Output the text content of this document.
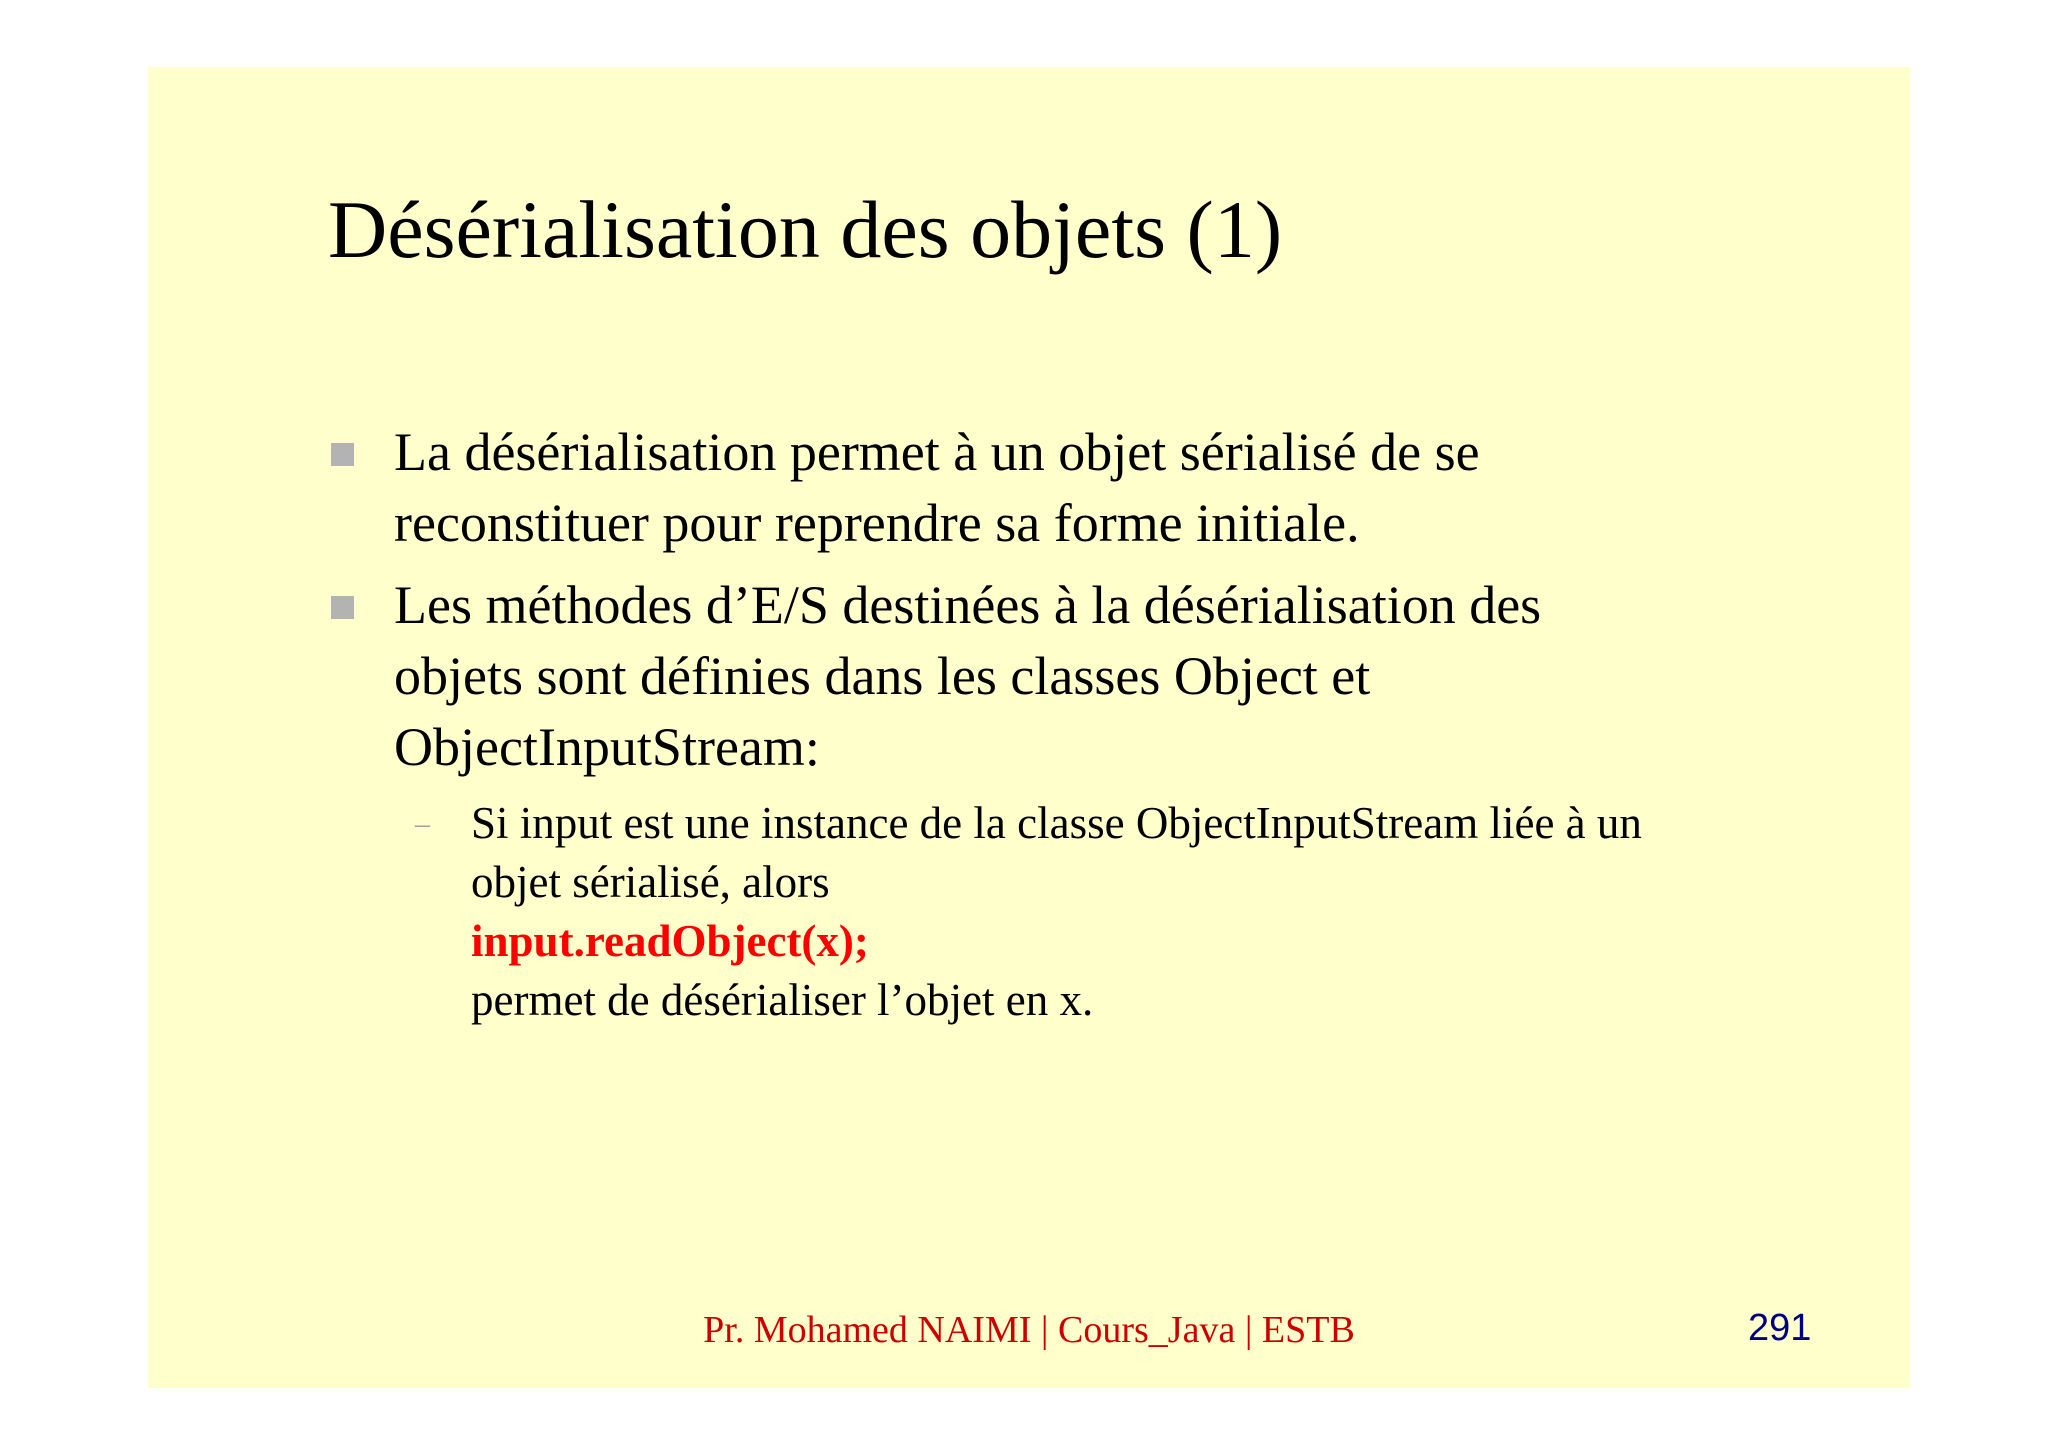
Désérialisation des objets (1)
La désérialisation permet à un objet sérialisé de se
reconstituer pour reprendre sa forme initiale.
Les méthodes d’E/S destinées à la désérialisation des
objets sont définies dans les classes Object et
ObjectInputStream:
– Si input est une instance de la classe ObjectInputStream liée à un
objet sérialisé, alors
input.readObject(x);
permet de désérialiser l’objet en x.
Pr. Mohamed NAIMI | Cours_Java | ESTB	291
